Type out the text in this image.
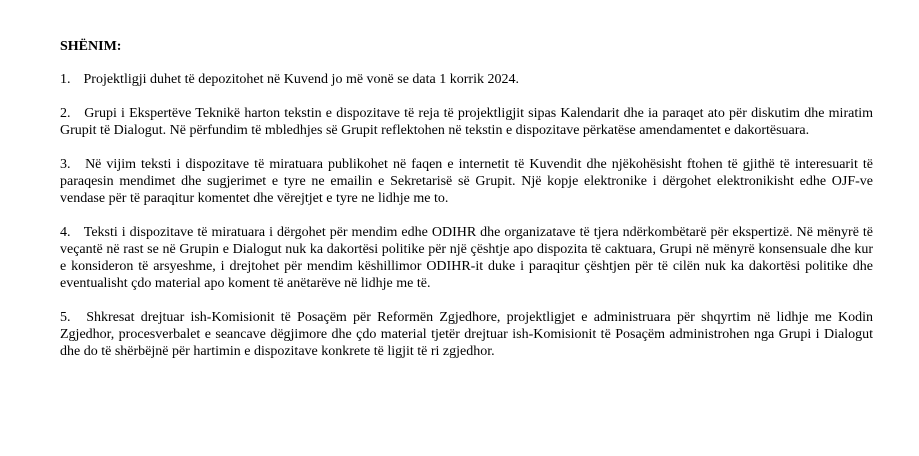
SHËNIM:

1. Projektligji duhet të depozitohet në Kuvend jo më vonë se data 1 korrik 2024.

2. Grupi i Ekspertëve Teknikë harton tekstin e dispozitave të reja të projektligjit sipas Kalendarit dhe ia paraqet ato për diskutim dhe miratim Grupit të Dialogut. Në përfundim të mbledhjes së Grupit reflektohen në tekstin e dispozitave përkatëse amendamentet e dakortësuara.

3. Në vijim teksti i dispozitave të miratuara publikohet në faqen e internetit të Kuvendit dhe njëkohësisht ftohen të gjithë të interesuarit të paraqesin mendimet dhe sugjerimet e tyre ne emailin e Sekretarisë së Grupit. Një kopje elektronike i dërgohet elektronikisht edhe OJF-ve vendase për të paraqitur komentet dhe vërejtjet e tyre ne lidhje me to.

4. Teksti i dispozitave të miratuara i dërgohet për mendim edhe ODIHR dhe organizatave të tjera ndërkombëtarë për ekspertizë. Në mënyrë të veçantë në rast se në Grupin e Dialogut nuk ka dakortësi politike për një çështje apo dispozita të caktuara, Grupi në mënyrë konsensuale dhe kur e konsideron të arsyeshme, i drejtohet për mendim këshillimor ODIHR-it duke i paraqitur çështjen për të cilën nuk ka dakortësi politike dhe eventualisht çdo material apo koment të anëtarëve në lidhje me të.

5. Shkresat drejtuar ish-Komisionit të Posaçëm për Reformën Zgjedhore, projektligjet e administruara për shqyrtim në lidhje me Kodin Zgjedhor, procesverbalet e seancave dëgjimore dhe çdo material tjetër drejtuar ish-Komisionit të Posaçëm administrohen nga Grupi i Dialogut dhe do të shërbëjnë për hartimin e dispozitave konkrete të ligjit të ri zgjedhor.
